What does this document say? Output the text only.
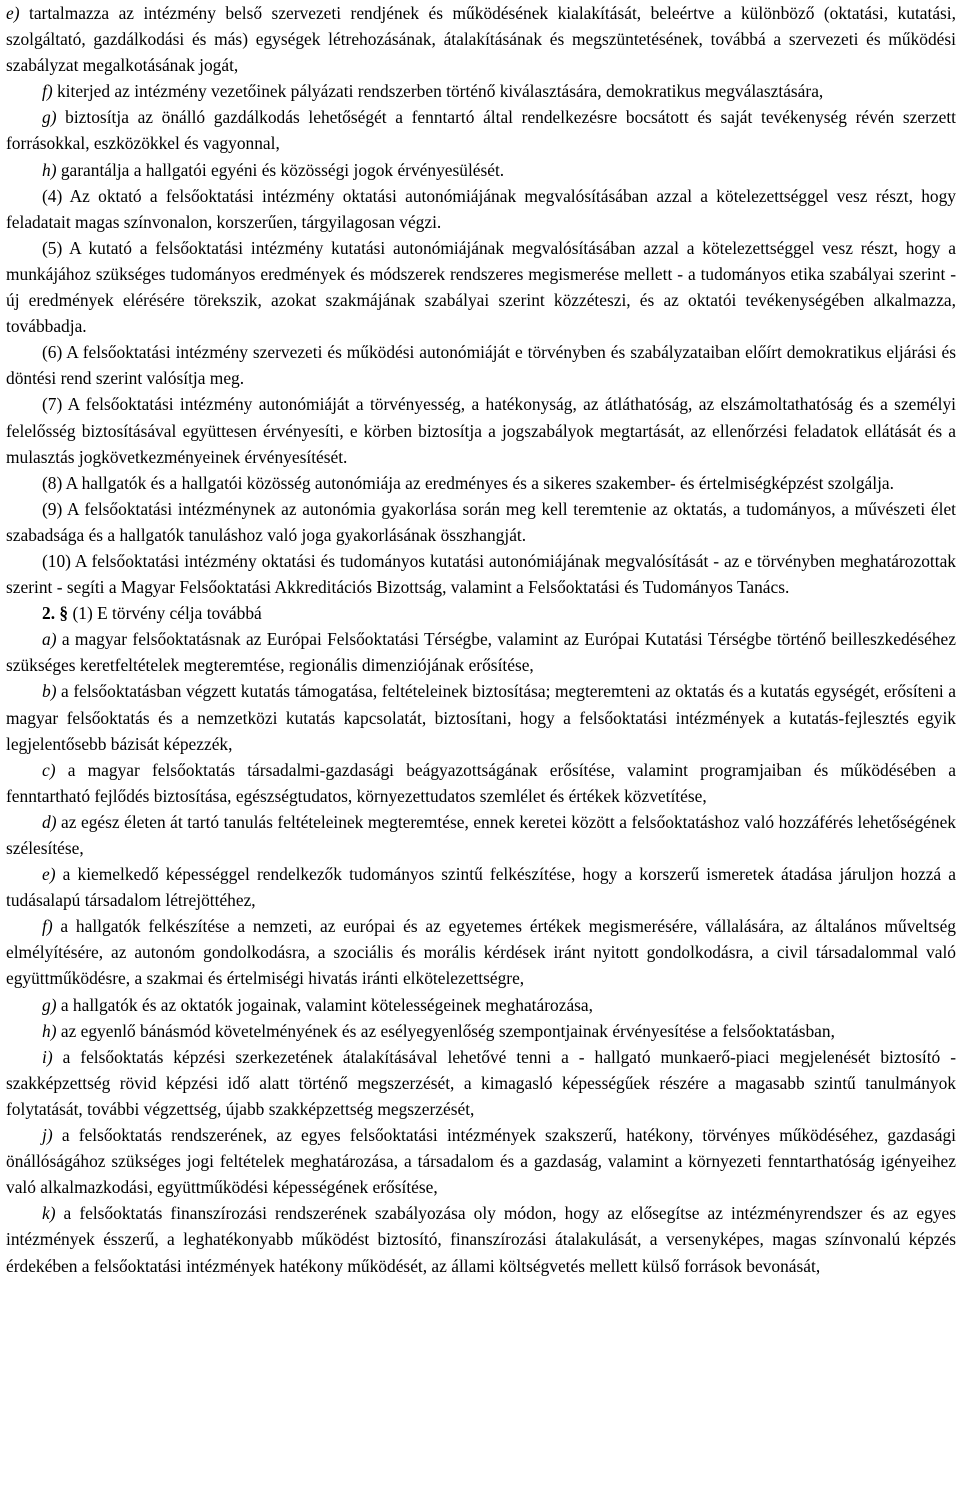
e) tartalmazza az intézmény belső szervezeti rendjének és működésének kialakítását, beleértve a különböző (oktatási, kutatási, szolgáltató, gazdálkodási és más) egységek létrehozásának, átalakításának és megszüntetésének, továbbá a szervezeti és működési szabályzat megalkotásának jogát,

f) kiterjed az intézmény vezetőinek pályázati rendszerben történő kiválasztására, demokratikus megválasztására,

g) biztosítja az önálló gazdálkodás lehetőségét a fenntartó által rendelkezésre bocsátott és saját tevékenység révén szerzett forrásokkal, eszközökkel és vagyonnal,

h) garantálja a hallgatói egyéni és közösségi jogok érvényesülését.

(4) Az oktató a felsőoktatási intézmény oktatási autonómiájának megvalósításában azzal a kötelezettséggel vesz részt, hogy feladatait magas színvonalon, korszerűen, tárgyilagosan végzi.

(5) A kutató a felsőoktatási intézmény kutatási autonómiájának megvalósításában azzal a kötelezettséggel vesz részt, hogy a munkájához szükséges tudományos eredmények és módszerek rendszeres megismerése mellett - a tudományos etika szabályai szerint - új eredmények elérésére törekszik, azokat szakmájának szabályai szerint közzéteszi, és az oktatói tevékenységében alkalmazza, továbbadja.

(6) A felsőoktatási intézmény szervezeti és működési autonómiáját e törvényben és szabályzataiban előírt demokratikus eljárási és döntési rend szerint valósítja meg.

(7) A felsőoktatási intézmény autonómiáját a törvényesség, a hatékonyság, az átláthatóság, az elszámoltathatóság és a személyi felelősség biztosításával együttesen érvényesíti, e körben biztosítja a jogszabályok megtartását, az ellenőrzési feladatok ellátását és a mulasztás jogkövetkezményeinek érvényesítését.

(8) A hallgatók és a hallgatói közösség autonómiája az eredményes és a sikeres szakember- és értelmiségképzést szolgálja.

(9) A felsőoktatási intézménynek az autonómia gyakorlása során meg kell teremtenie az oktatás, a tudományos, a művészeti élet szabadsága és a hallgatók tanuláshoz való joga gyakorlásának összhangját.

(10) A felsőoktatási intézmény oktatási és tudományos kutatási autonómiájának megvalósítását - az e törvényben meghatározottak szerint - segíti a Magyar Felsőoktatási Akkreditációs Bizottság, valamint a Felsőoktatási és Tudományos Tanács.

2. § (1) E törvény célja továbbá

a) a magyar felsőoktatásnak az Európai Felsőoktatási Térségbe, valamint az Európai Kutatási Térségbe történő beilleszkedéséhez szükséges keretfeltételek megteremtése, regionális dimenziójának erősítése,

b) a felsőoktatásban végzett kutatás támogatása, feltételeinek biztosítása; megteremteni az oktatás és a kutatás egységét, erősíteni a magyar felsőoktatás és a nemzetközi kutatás kapcsolatát, biztosítani, hogy a felsőoktatási intézmények a kutatás-fejlesztés egyik legjelentősebb bázisát képezzék,

c) a magyar felsőoktatás társadalmi-gazdasági beágyazottságának erősítése, valamint programjaiban és működésében a fenntartható fejlődés biztosítása, egészségtudatos, környezettudatos szemlélet és értékek közvetítése,

d) az egész életen át tartó tanulás feltételeinek megteremtése, ennek keretei között a felsőoktatáshoz való hozzáférés lehetőségének szélesítése,

e) a kiemelkedő képességgel rendelkezők tudományos szintű felkészítése, hogy a korszerű ismeretek átadása járuljon hozzá a tudásalapú társadalom létrejöttéhez,

f) a hallgatók felkészítése a nemzeti, az európai és az egyetemes értékek megismerésére, vállalására, az általános műveltség elmélyítésére, az autonóm gondolkodásra, a szociális és morális kérdések iránt nyitott gondolkodásra, a civil társadalommal való együttműködésre, a szakmai és értelmiségi hivatás iránti elkötelezettségre,

g) a hallgatók és az oktatók jogainak, valamint kötelességeinek meghatározása,

h) az egyenlő bánásmód követelményének és az esélyegyenlőség szempontjainak érvényesítése a felsőoktatásban,

i) a felsőoktatás képzési szerkezetének átalakításával lehetővé tenni a - hallgató munkaerő-piaci megjelenését biztosító - szakképzettség rövid képzési idő alatt történő megszerzését, a kimagasló képességűek részére a magasabb szintű tanulmányok folytatását, további végzettség, újabb szakképzettség megszerzését,

j) a felsőoktatás rendszerének, az egyes felsőoktatási intézmények szakszerű, hatékony, törvényes működéséhez, gazdasági önállóságához szükséges jogi feltételek meghatározása, a társadalom és a gazdaság, valamint a környezeti fenntarthatóság igényeihez való alkalmazkodási, együttműködési képességének erősítése,

k) a felsőoktatás finanszírozási rendszerének szabályozása oly módon, hogy az elősegítse az intézményrendszer és az egyes intézmények ésszerű, a leghatékonyabb működést biztosító, finanszírozási átalakulását, a versenyképes, magas színvonalú képzés érdekében a felsőoktatási intézmények hatékony működését, az állami költségvetés mellett külső források bevonását,
